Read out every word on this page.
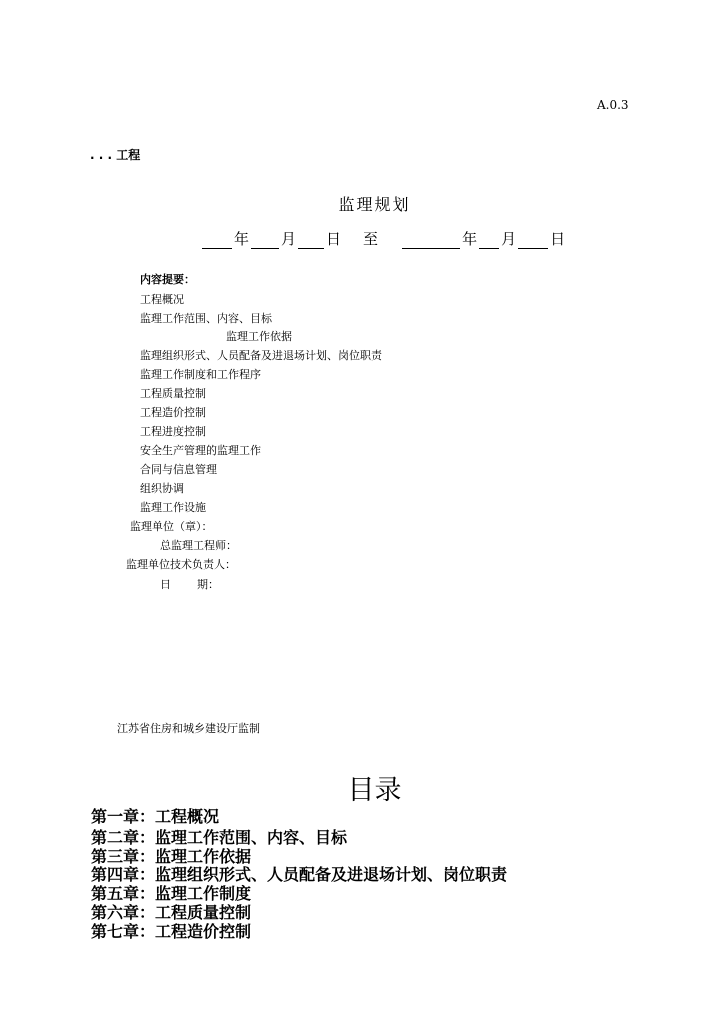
A.0.3
. . . 工程
监理规划
年 月 日 至	年 月 日
内容提要：
工程概况
监理工作范围、内容、目标
监理工作依据
监理组织形式、人员配备及进退场计划、岗位职责
监理工作制度和工作程序
工程质量控制
工程造价控制
工程进度控制
安全生产管理的监理工作
合同与信息管理
组织协调
监理工作设施
监理单位（章）：
总监理工程师：
监理单位技术负责人：
日 期：
江苏省住房和城乡建设厅监制
目录
第一章：工程概况
第二章：监理工作范围、内容、目标
第三章：监理工作依据
第四章：监理组织形式、人员配备及进退场计划、岗位职责
第五章：监理工作制度
第六章：工程质量控制
第七章：工程造价控制
